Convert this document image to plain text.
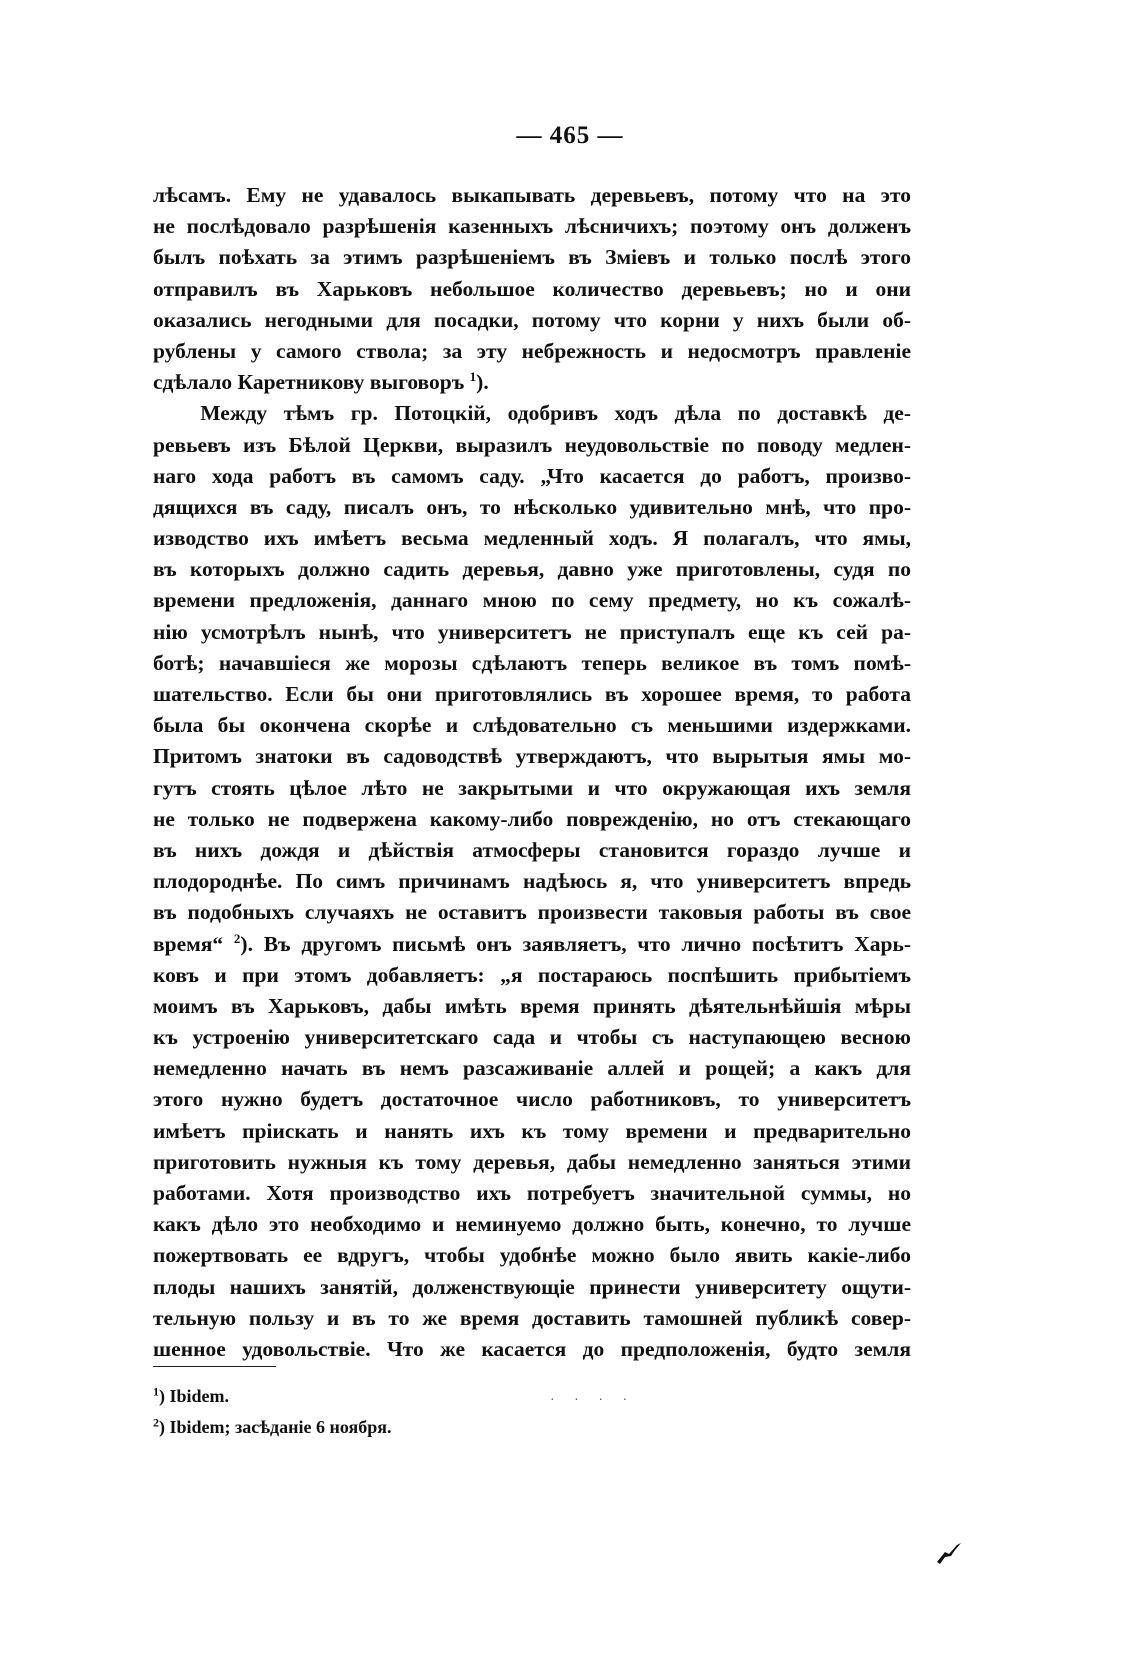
— 465 —
лѣсамъ. Ему не удавалось выкапывать деревьевъ, потому что на это
не послѣдовало разрѣшенія казенныхъ лѣсничихъ; поэтому онъ долженъ
былъ поѣхать за этимъ разрѣшеніемъ въ Зміевъ и только послѣ этого
отправилъ въ Харьковъ небольшое количество деревьевъ; но и они
оказались негодными для посадки, потому что корни у нихъ были об-
рублены у самого ствола; за эту небрежность и недосмотръ правленіе
сдѣлало Каретникову выговоръ $^1$).
Между тѣмъ гр. Потоцкій, одобривъ ходъ дѣла по доставкѣ де-
ревьевъ изъ Бѣлой Церкви, выразилъ неудовольствіе по поводу медлен-
наго хода работъ въ самомъ саду. „Что касается до работъ, произво-
дящихся въ саду, писалъ онъ, то нѣсколько удивительно мнѣ, что про-
изводство ихъ имѣетъ весьма медленный ходъ. Я полагалъ, что ямы,
въ которыхъ должно садить деревья, давно уже приготовлены, судя по
времени предложенія, даннаго мною по сему предмету, но къ сожалѣ-
нію усмотрѣлъ нынѣ, что университетъ не приступалъ еще къ сей ра-
ботѣ; начавшіеся же морозы сдѣлаютъ теперь великое въ томъ помѣ-
шательство. Если бы они приготовлялись въ хорошее время, то работа
была бы окончена скорѣе и слѣдовательно съ меньшими издержками.
Притомъ знатоки въ садоводствѣ утверждаютъ, что вырытыя ямы мо-
гутъ стоять цѣлое лѣто не закрытыми и что окружающая ихъ земля
не только не подвержена какому-либо поврежденію, но отъ стекающаго
въ нихъ дождя и дѣйствія атмосферы становится гораздо лучше и
плодороднѣе. По симъ причинамъ надѣюсь я, что университетъ впредь
въ подобныхъ случаяхъ не оставитъ произвести таковыя работы въ свое
время“ $^2$). Въ другомъ письмѣ онъ заявляетъ, что лично посѣтитъ Харь-
ковъ и при этомъ добавляетъ: „я постараюсь поспѣшить прибытіемъ
моимъ въ Харьковъ, дабы имѣть время принять дѣятельнѣйшія мѣры
къ устроенію университетскаго сада и чтобы съ наступающею весною
немедленно начать въ немъ разсаживаніе аллей и рощей; а какъ для
этого нужно будетъ достаточное число работниковъ, то университетъ
имѣетъ пріискать и нанять ихъ къ тому времени и предварительно
приготовить нужныя къ тому деревья, дабы немедленно заняться этими
работами. Хотя производство ихъ потребуетъ значительной суммы, но
какъ дѣло это необходимо и неминуемо должно быть, конечно, то лучше
пожертвовать ее вдругъ, чтобы удобнѣе можно было явить какіе-либо
плоды нашихъ занятій, долженствующіе принести университету ощути-
тельную пользу и въ то же время доставить тамошней публикѣ совер-
шенное удовольствіе. Что же касается до предположенія, будто земля
$^1$) Ibidem.
$^2$) Ibidem; засѣданіе 6 ноября.
· · · ·
